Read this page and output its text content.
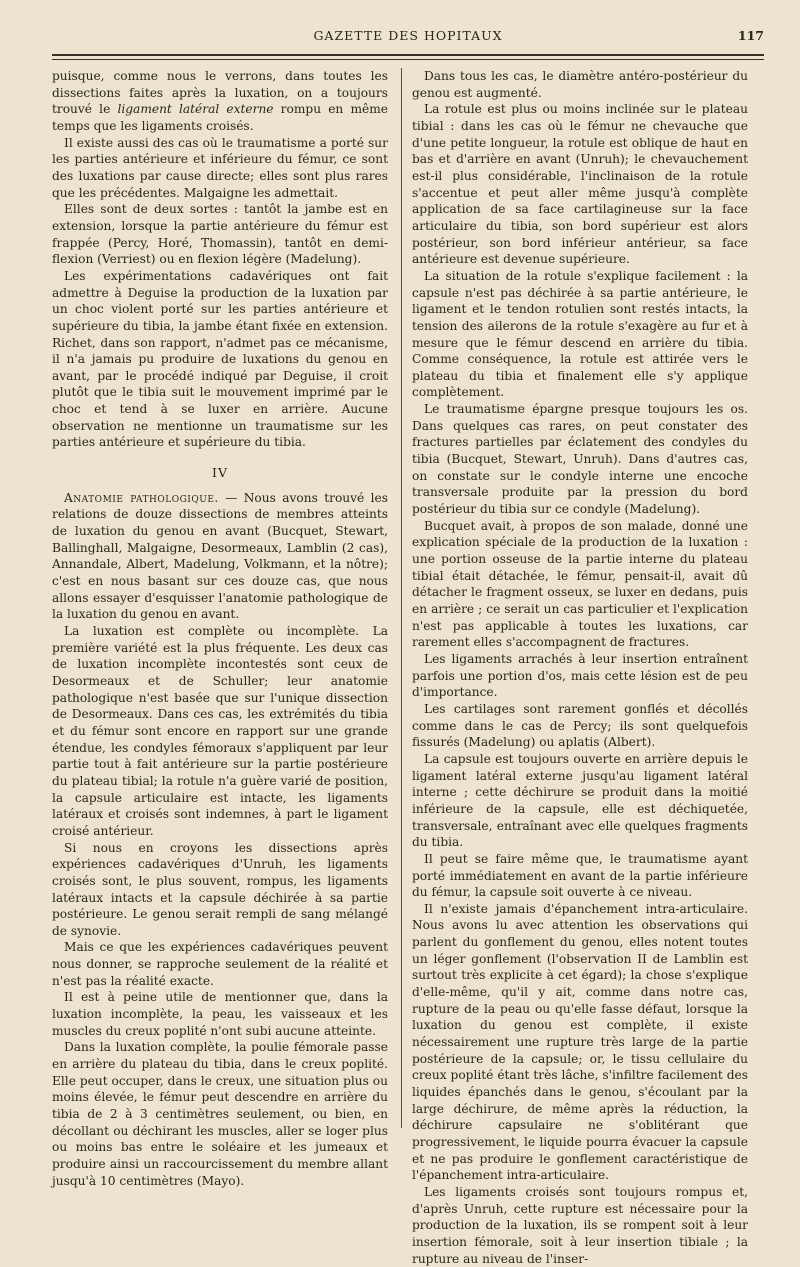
GAZETTE DES HOPITAUX	117

puisque, comme nous le verrons, dans toutes les dissections faites après la luxation, on a toujours trouvé le ligament latéral externe rompu en même temps que les ligaments croisés.

Il existe aussi des cas où le traumatisme a porté sur les parties antérieure et inférieure du fémur, ce sont des luxations par cause directe; elles sont plus rares que les précédentes. Malgaigne les admettait.

Elles sont de deux sortes : tantôt la jambe est en extension, lorsque la partie antérieure du fémur est frappée (Percy, Horé, Thomassin), tantôt en demi-flexion (Verriest) ou en flexion légère (Madelung).

Les expérimentations cadavériques ont fait admettre à Deguise la production de la luxation par un choc violent porté sur les parties antérieure et supérieure du tibia, la jambe étant fixée en extension. Richet, dans son rapport, n'admet pas ce mécanisme, il n'a jamais pu produire de luxations du genou en avant, par le procédé indiqué par Deguise, il croit plutôt que le tibia suit le mouvement imprimé par le choc et tend à se luxer en arrière. Aucune observation ne mentionne un traumatisme sur les parties antérieure et supérieure du tibia.

IV

Anatomie pathologique. — Nous avons trouvé les relations de douze dissections de membres atteints de luxation du genou en avant (Bucquet, Stewart, Ballinghall, Malgaigne, Desormeaux, Lamblin (2 cas), Annandale, Albert, Madelung, Volkmann, et la nôtre); c'est en nous basant sur ces douze cas, que nous allons essayer d'esquisser l'anatomie pathologique de la luxation du genou en avant.

La luxation est complète ou incomplète. La première variété est la plus fréquente. Les deux cas de luxation incomplète incontestés sont ceux de Desormeaux et de Schuller; leur anatomie pathologique n'est basée que sur l'unique dissection de Desormeaux. Dans ces cas, les extrémités du tibia et du fémur sont encore en rapport sur une grande étendue, les condyles fémoraux s'appliquent par leur partie tout à fait antérieure sur la partie postérieure du plateau tibial; la rotule n'a guère varié de position, la capsule articulaire est intacte, les ligaments latéraux et croisés sont indemnes, à part le ligament croisé antérieur.

Si nous en croyons les dissections après expériences cadavériques d'Unruh, les ligaments croisés sont, le plus souvent, rompus, les ligaments latéraux intacts et la capsule déchirée à sa partie postérieure. Le genou serait rempli de sang mélangé de synovie.

Mais ce que les expériences cadavériques peuvent nous donner, se rapproche seulement de la réalité et n'est pas la réalité exacte.

Il est à peine utile de mentionner que, dans la luxation incomplète, la peau, les vaisseaux et les muscles du creux poplité n'ont subi aucune atteinte.

Dans la luxation complète, la poulie fémorale passe en arrière du plateau du tibia, dans le creux poplité. Elle peut occuper, dans le creux, une situation plus ou moins élevée, le fémur peut descendre en arrière du tibia de 2 à 3 centimètres seulement, ou bien, en décollant ou déchirant les muscles, aller se loger plus ou moins bas entre le soléaire et les jumeaux et produire ainsi un raccourcissement du membre allant jusqu'à 10 centimètres (Mayo).

Dans tous les cas, le diamètre antéro-postérieur du genou est augmenté.

La rotule est plus ou moins inclinée sur le plateau tibial : dans les cas où le fémur ne chevauche que d'une petite longueur, la rotule est oblique de haut en bas et d'arrière en avant (Unruh); le chevauchement est-il plus considérable, l'inclinaison de la rotule s'accentue et peut aller même jusqu'à complète application de sa face cartilagineuse sur la face articulaire du tibia, son bord supérieur est alors postérieur, son bord inférieur antérieur, sa face antérieure est devenue supérieure.

La situation de la rotule s'explique facilement : la capsule n'est pas déchirée à sa partie antérieure, le ligament et le tendon rotulien sont restés intacts, la tension des ailerons de la rotule s'exagère au fur et à mesure que le fémur descend en arrière du tibia. Comme conséquence, la rotule est attirée vers le plateau du tibia et finalement elle s'y applique complètement.

Le traumatisme épargne presque toujours les os. Dans quelques cas rares, on peut constater des fractures partielles par éclatement des condyles du tibia (Bucquet, Stewart, Unruh). Dans d'autres cas, on constate sur le condyle interne une encoche transversale produite par la pression du bord postérieur du tibia sur ce condyle (Madelung).

Bucquet avait, à propos de son malade, donné une explication spéciale de la production de la luxation : une portion osseuse de la partie interne du plateau tibial était détachée, le fémur, pensait-il, avait dû détacher le fragment osseux, se luxer en dedans, puis en arrière ; ce serait un cas particulier et l'explication n'est pas applicable à toutes les luxations, car rarement elles s'accompagnent de fractures.

Les ligaments arrachés à leur insertion entraînent parfois une portion d'os, mais cette lésion est de peu d'importance.

Les cartilages sont rarement gonflés et décollés comme dans le cas de Percy; ils sont quelquefois fissurés (Madelung) ou aplatis (Albert).

La capsule est toujours ouverte en arrière depuis le ligament latéral externe jusqu'au ligament latéral interne ; cette déchirure se produit dans la moitié inférieure de la capsule, elle est déchiquetée, transversale, entraînant avec elle quelques fragments du tibia.

Il peut se faire même que, le traumatisme ayant porté immédiatement en avant de la partie inférieure du fémur, la capsule soit ouverte à ce niveau.

Il n'existe jamais d'épanchement intra-articulaire. Nous avons lu avec attention les observations qui parlent du gonflement du genou, elles notent toutes un léger gonflement (l'observation II de Lamblin est surtout très explicite à cet égard); la chose s'explique d'elle-même, qu'il y ait, comme dans notre cas, rupture de la peau ou qu'elle fasse défaut, lorsque la luxation du genou est complète, il existe nécessairement une rupture très large de la partie postérieure de la capsule; or, le tissu cellulaire du creux poplité étant très lâche, s'infiltre facilement des liquides épanchés dans le genou, s'écoulant par la large déchirure, de même après la réduction, la déchirure capsulaire ne s'oblitérant que progressivement, le liquide pourra évacuer la capsule et ne pas produire le gonflement caractéristique de l'épanchement intra-articulaire.

Les ligaments croisés sont toujours rompus et, d'après Unruh, cette rupture est nécessaire pour la production de la luxation, ils se rompent soit à leur insertion fémorale, soit à leur insertion tibiale ; la rupture au niveau de l'inser-
